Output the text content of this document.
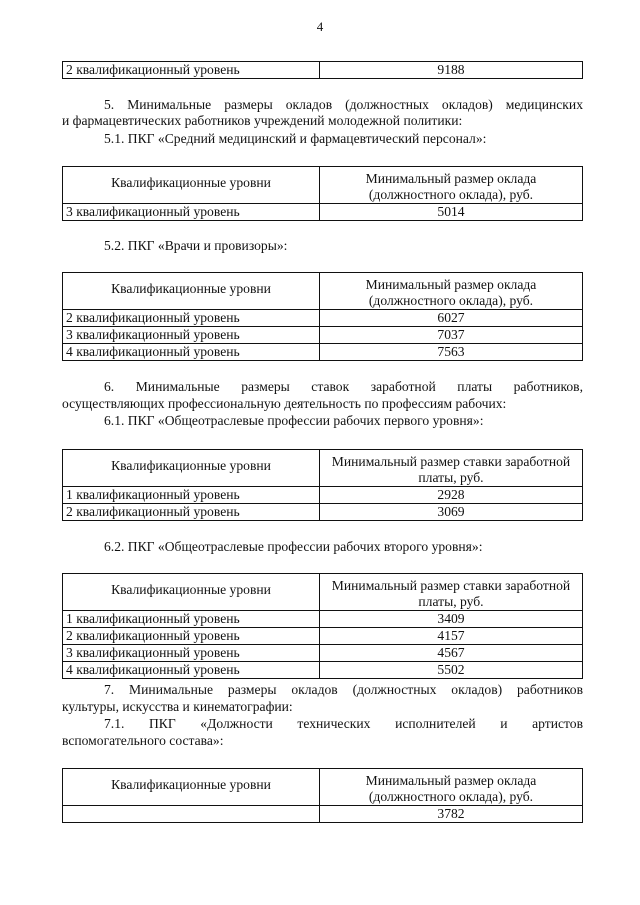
4
2 квалификационный уровень	9188

5. Минимальные размеры окладов (должностных окладов) медицинских

и фармацевтических работников учреждений молодежной политики:

5.1. ПКГ «Средний медицинский и фармацевтический персонал»:
Квалификационные уровни	Минимальный размер оклада (должностного оклада), руб.
3 квалификационный уровень	5014
5.2. ПКГ «Врачи и провизоры»:
Квалификационные уровни	Минимальный размер оклада (должностного оклада), руб.
2 квалификационный уровень	6027
3 квалификационный уровень	7037
4 квалификационный уровень	7563

6. Минимальные размеры ставок заработной платы работников,

осуществляющих профессиональную деятельность по профессиям рабочих:

6.1. ПКГ «Общеотраслевые профессии рабочих первого уровня»:
Квалификационные уровни	Минимальный размер ставки заработной платы, руб.
1 квалификационный уровень	2928
2 квалификационный уровень	3069
6.2. ПКГ «Общеотраслевые профессии рабочих второго уровня»:
Квалификационные уровни	Минимальный размер ставки заработной платы, руб.
1 квалификационный уровень	3409
2 квалификационный уровень	4157
3 квалификационный уровень	4567
4 квалификационный уровень	5502

7. Минимальные размеры окладов (должностных окладов) работников

культуры, искусства и кинематографии:

7.1. ПКГ «Должности технических исполнителей и артистов
вспомогательного состава»:
Квалификационные уровни	Минимальный размер оклада (должностного оклада), руб.
	3782
